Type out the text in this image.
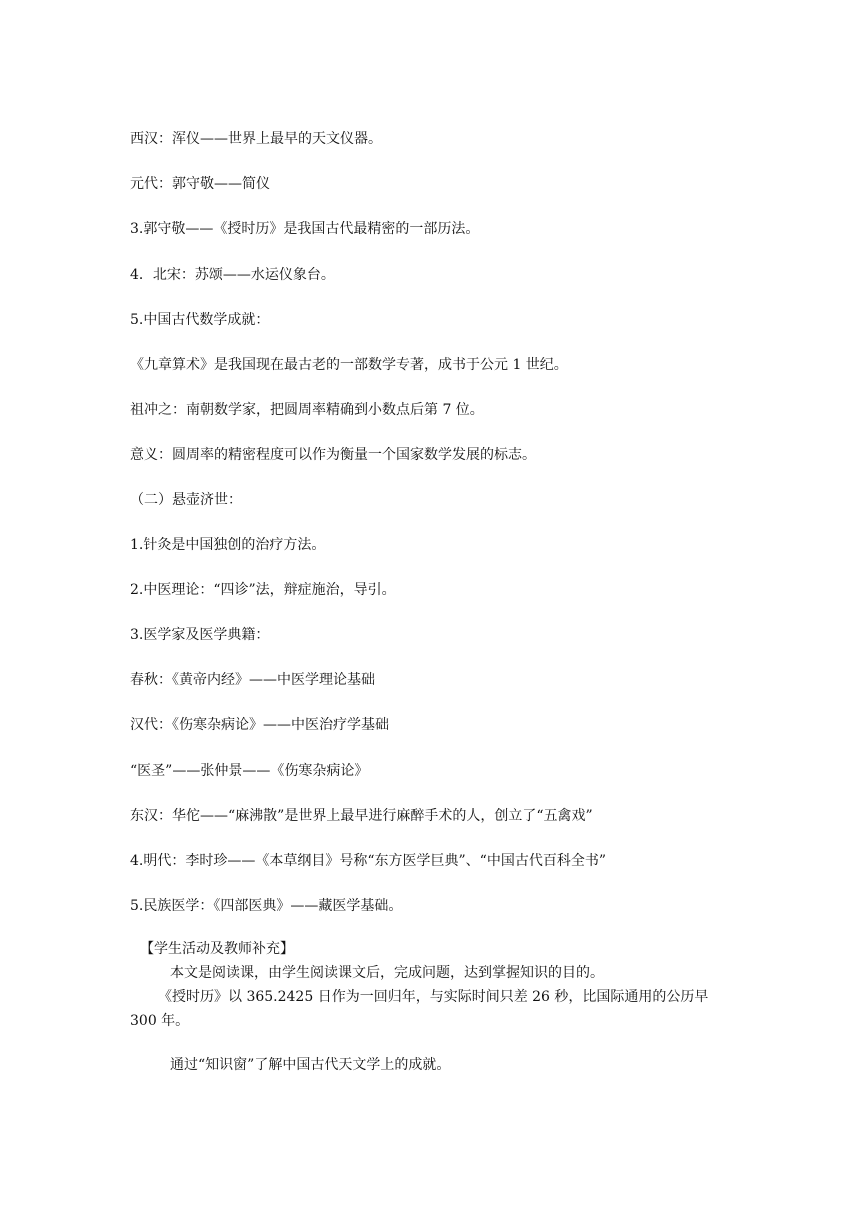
西汉：浑仪——世界上最早的天文仪器。
元代：郭守敬——简仪
3.郭守敬——《授时历》是我国古代最精密的一部历法。
4．北宋：苏颂——水运仪象台。
5.中国古代数学成就：
《九章算术》是我国现在最古老的一部数学专著，成书于公元 1 世纪。
祖冲之：南朝数学家，把圆周率精确到小数点后第 7 位。
意义：圆周率的精密程度可以作为衡量一个国家数学发展的标志。
（二）悬壶济世：
1.针灸是中国独创的治疗方法。
2.中医理论：“四诊”法，辩症施治，导引。
3.医学家及医学典籍：
春秋：《黄帝内经》——中医学理论基础
汉代：《伤寒杂病论》——中医治疗学基础
“医圣”——张仲景——《伤寒杂病论》
东汉：华佗——“麻沸散”是世界上最早进行麻醉手术的人，创立了“五禽戏”
4.明代：李时珍——《本草纲目》号称“东方医学巨典”、“中国古代百科全书”
5.民族医学：《四部医典》——藏医学基础。
【学生活动及教师补充】
本文是阅读课，由学生阅读课文后，完成问题，达到掌握知识的目的。
《授时历》以 365.2425 日作为一回归年，与实际时间只差 26 秒，比国际通用的公历早
300 年。
通过“知识窗”了解中国古代天文学上的成就。
